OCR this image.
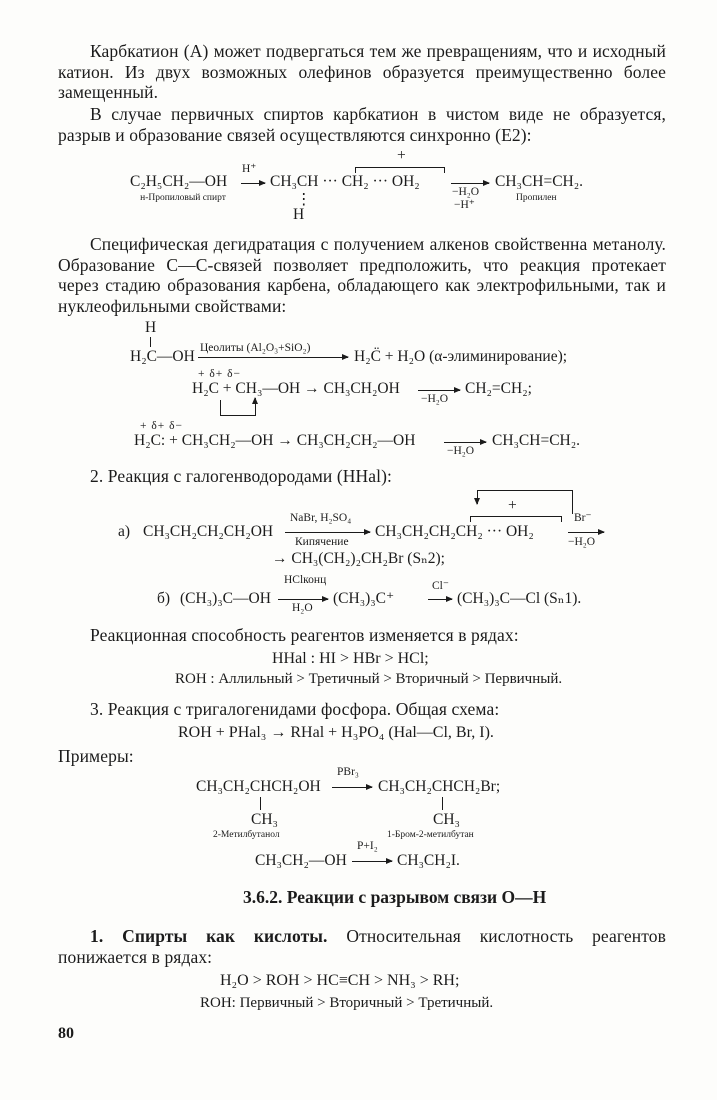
Карбкатион (A) может подвергаться тем же превращениям, что и исходный катион. Из двух возможных олефинов образуется преимущественно более замещенный.
В случае первичных спиртов карбкатион в чистом виде не образуется, разрыв и образование связей осуществляются синхронно (E2):
C₂H₅CH₂—OH
H⁺
→ CH₃CH ··· CH₂ ··· OH₂
+
⋮
H
−H₂O
−H⁺
CH₃CH=CH₂.
н-Пропиловый спирт	Пропилен
Специфическая дегидратация с получением алкенов свойственна метанолу. Образование C—C-связей позволяет предположить, что реакция протекает через стадию образования карбена, обладающего как электрофильными, так и нуклеофильными свойствами:
H
H₂C—OH Цеолиты (Al₂O₃+SiO₂)	H₂C̈ + H₂O (α-элиминирование);
+ δ+ δ−
H₂C + CH₃—OH → CH₃CH₂OH →
−H₂O
CH₂=CH₂;
+ δ+ δ−
H₂C: + CH₃CH₂—OH → CH₃CH₂CH₂—OH
−H₂O
CH₃CH=CH₂.
2. Реакция с галогенводородами (HHal):
+
а) CH₃CH₂CH₂CH₂OH
NaBr, H₂SO₄
Кипячение
CH₃CH₂CH₂CH₂ ··· OH₂
Br⁻
−H₂O
→ CH₃(CH₂)₂CH₂Br (Sₙ2);
б) (CH₃)₃C—OH
HClконц
H₂O
(CH₃)₃C⁺
Cl⁻
→ (CH₃)₃C—Cl (Sₙ1).
Реакционная способность реагентов изменяется в рядах:
HHal : HI > HBr > HCl;
ROH : Аллильный > Третичный > Вторичный > Первичный.
3. Реакция с тригалогенидами фосфора. Общая схема:
ROH + PHal₃ → RHal + H₃PO₄ (Hal—Cl, Br, I).
Примеры:
CH₃CH₂CHCH₂OH
PBr₃
→ CH₃CH₂CHCH₂Br;
CH₃	CH₃
2-Метилбутанол	1-Бром-2-метилбутан
CH₃CH₂—OH
P+I₂
→ CH₃CH₂I.
3.6.2. Реакции с разрывом связи O—H
1. Спирты как кислоты. Относительная кислотность реагентов понижается в рядах:
H₂O > ROH > HC≡CH > NH₃ > RH;
ROH: Первичный > Вторичный > Третичный.
80
